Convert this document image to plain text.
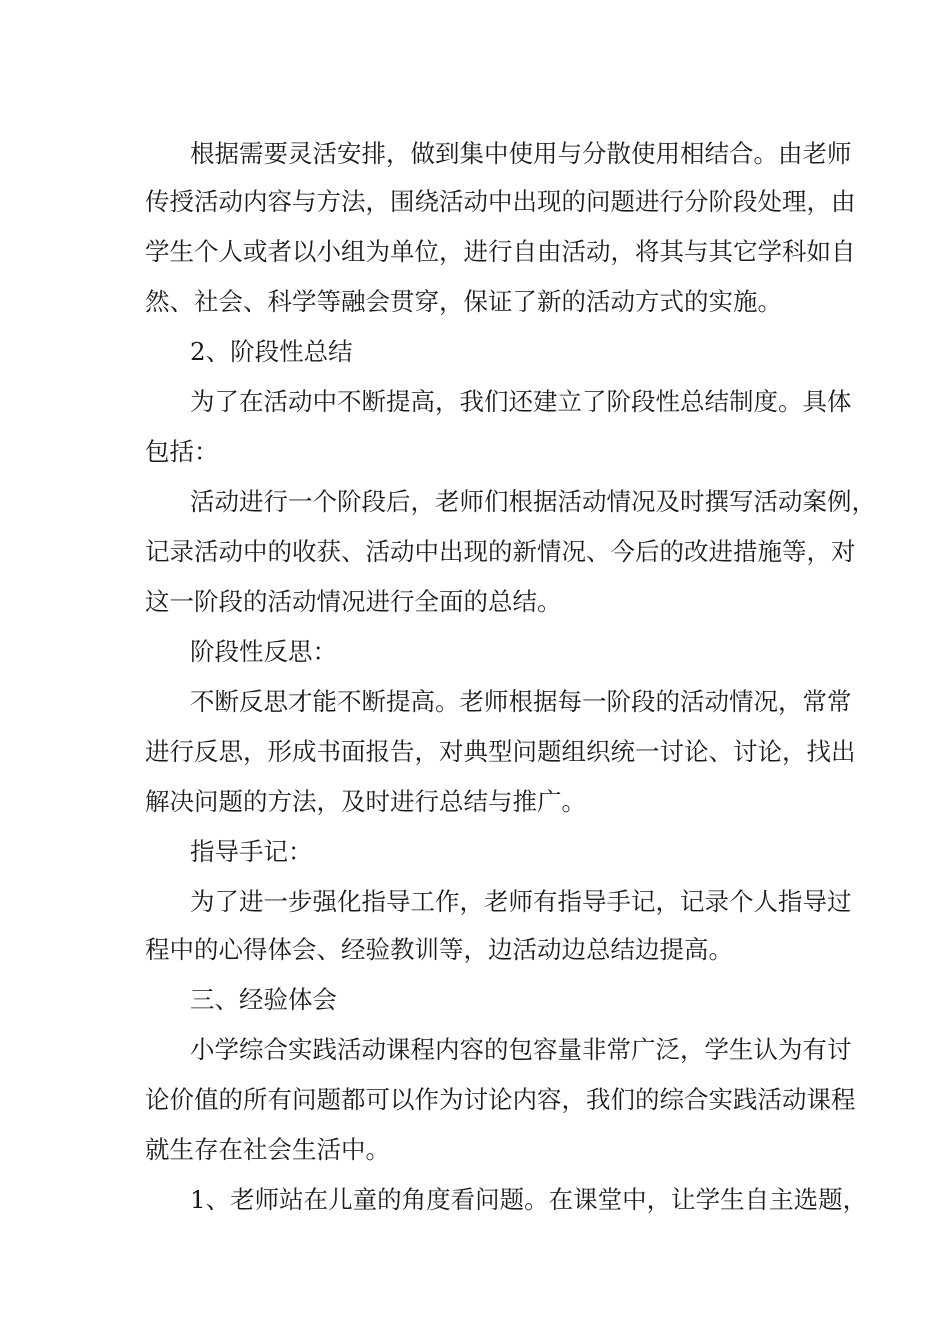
根据需要灵活安排，做到集中使用与分散使用相结合。由老师
传授活动内容与方法，围绕活动中出现的问题进行分阶段处理，由
学生个人或者以小组为单位，进行自由活动，将其与其它学科如自
然、社会、科学等融会贯穿，保证了新的活动方式的实施。
2、阶段性总结
为了在活动中不断提高，我们还建立了阶段性总结制度。具体
包括：
活动进行一个阶段后，老师们根据活动情况及时撰写活动案例，
记录活动中的收获、活动中出现的新情况、今后的改进措施等，对
这一阶段的活动情况进行全面的总结。
阶段性反思：
不断反思才能不断提高。老师根据每一阶段的活动情况，常常
进行反思，形成书面报告，对典型问题组织统一讨论、讨论，找出
解决问题的方法，及时进行总结与推广。
指导手记：
为了进一步强化指导工作，老师有指导手记，记录个人指导过
程中的心得体会、经验教训等，边活动边总结边提高。
三、经验体会
小学综合实践活动课程内容的包容量非常广泛，学生认为有讨
论价值的所有问题都可以作为讨论内容，我们的综合实践活动课程
就生存在社会生活中。
1、老师站在儿童的角度看问题。在课堂中，让学生自主选题，
